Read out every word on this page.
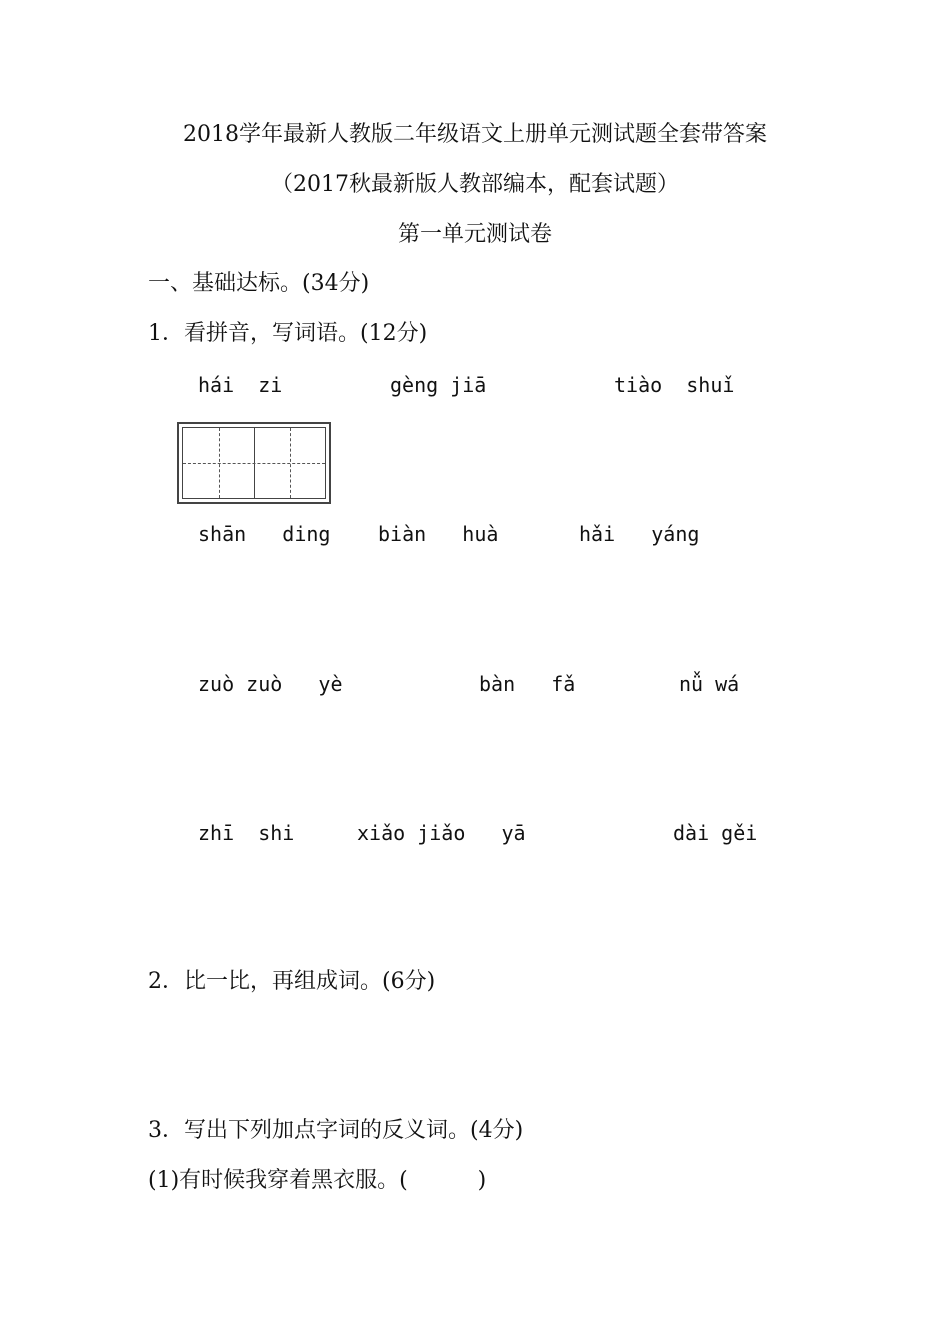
2018学年最新人教版二年级语文上册单元测试题全套带答案
（2017秋最新版人教部编本，配套试题）
第一单元测试卷
一、基础达标。(34分)
1．看拼音，写词语。(12分)
hái  zi	gèng jiā	tiào  shuǐ
shān   ding biàn   huà	hǎi   yáng
zuò zuò   yè	bàn   fǎ	nǚ wá
zhī  shi	xiǎo jiǎo   yā	dài gěi
2．比一比，再组成词。(6分)
3．写出下列加点字词的反义词。(4分)
(1)有时候我穿着黑衣服。(          )
